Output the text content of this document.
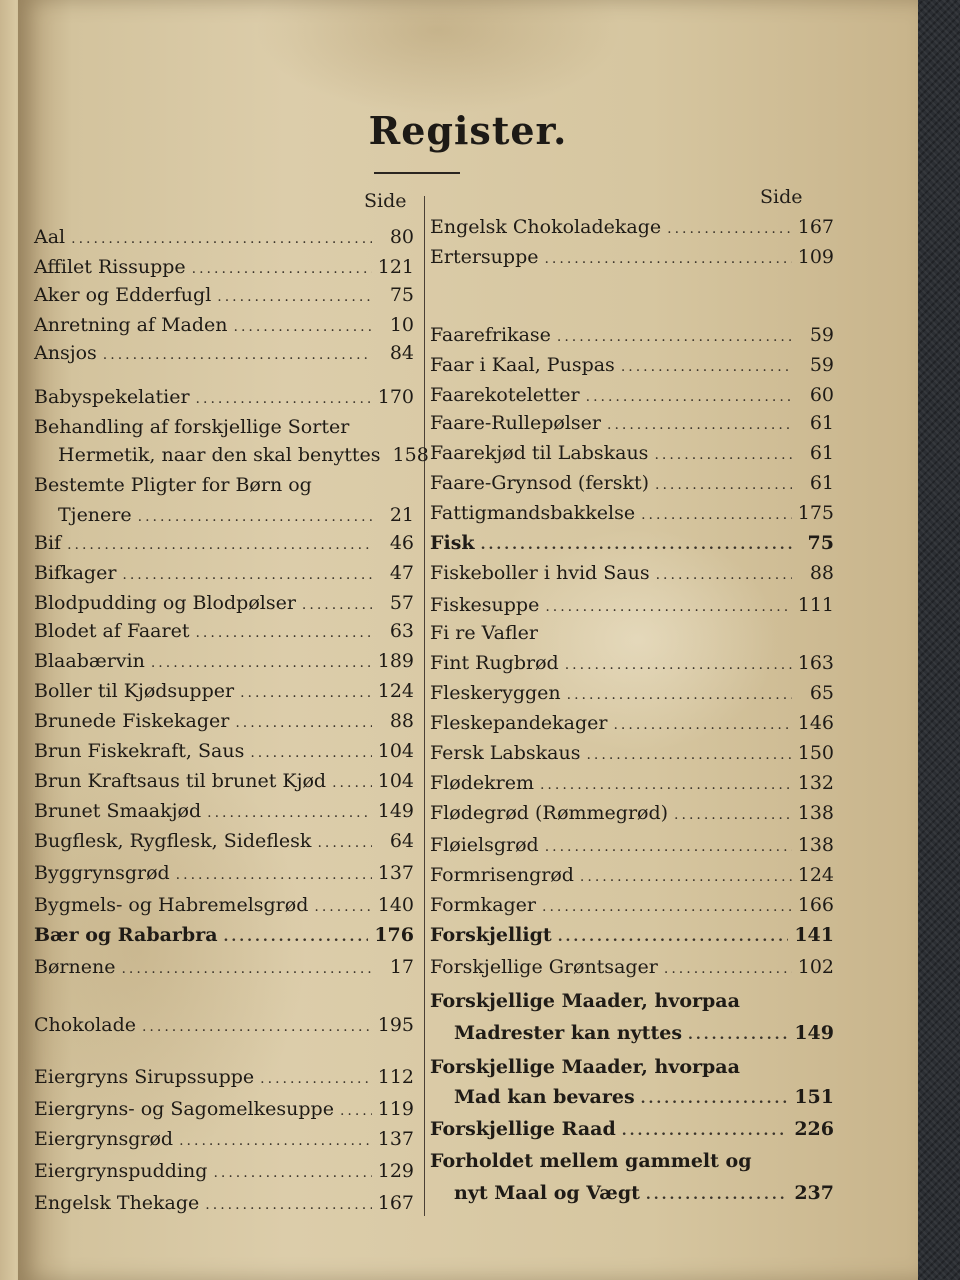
Register.
Side
Aal .....	80
Affilet Rissuppe .....	121
Aker og Edderfugl .....	75
Anretning af Maden .....	10
Ansjos .....	84
Babyspekelatier .....	170
Behandling af forskjellige Sorter
Hermetik, naar den skal benyttes 158
Bestemte Pligter for Børn og
Tjenere .....	21
Bif .....	46
Bifkager .....	47
Blodpudding og Blodpølser .....	57
Blodet af Faaret .....	63
Blaabærvin .....	189
Boller til Kjødsupper .....	124
Brunede Fiskekager .....	88
Brun Fiskekraft, Saus .....	104
Brun Kraftsaus til brunet Kjød .....	104
Brunet Smaakjød .....	149
Bugflesk, Rygflesk, Sideflesk .....	64
Byggrynsgrød .....	137
Bygmels- og Habremelsgrød .....	140
Bær og Rabarbra .....	176
Børnene .....	17
Chokolade .....	195
Eiergryns Sirupssuppe .....	112
Eiergryns- og Sagomelkesuppe ..... 119
Eiergrynsgrød .....	137
Eiergrynspudding .....	129
Engelsk Thekage .....	167
Side
Engelsk Chokoladekage .....	167
Ertersuppe .....	109
Faarefrikase .....	59
Faar i Kaal, Puspas .....	59
Faarekoteletter .....	60
Faare-Rullepølser .....	61
Faarekjød til Labskaus .....	61
Faare-Grynsod (ferskt) .....	61
Fattigmandsbakkelse .....	175
Fisk .....	75
Fiskeboller i hvid Saus .....	88
Fiskesuppe .....	111
Fi re Vafler
Fint Rugbrød .....	163
Fleskeryggen .....	65
Fleskepandekager .....	146
Fersk Labskaus .....	150
Flødekrem .....	132
Flødegrød (Rømmegrød) .....	138
Fløielsgrød .....	138
Formrisengrød .....	124
Formkager .....	166
Forskjelligt .....	141
Forskjellige Grøntsager .....	102
Forskjellige Maader, hvorpaa
Madrester kan nyttes .....	149
Forskjellige Maader, hvorpaa
Mad kan bevares .....	151
Forskjellige Raad .....	226
Forholdet mellem gammelt og
nyt Maal og Vægt .....	237
